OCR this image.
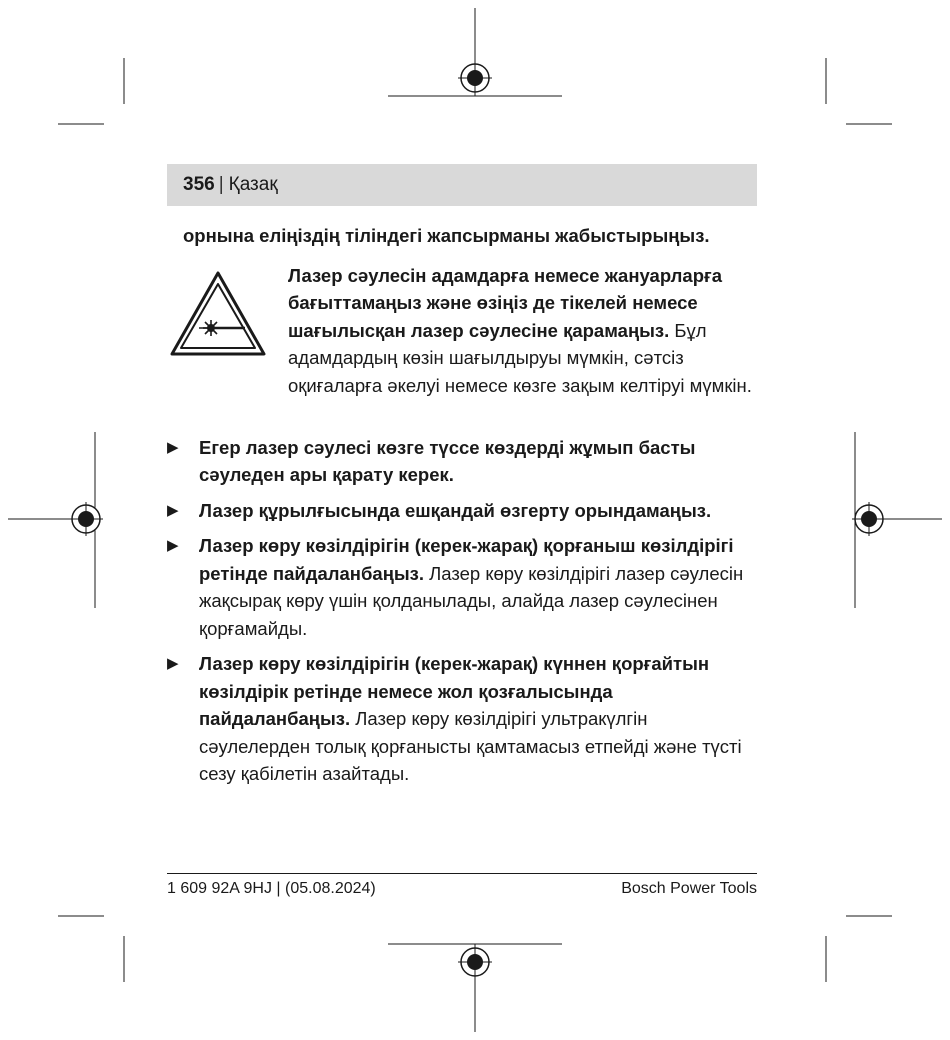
356 | Қазақ

орнына еліңіздің тіліндегі жапсырманы жабыстырыңыз.

Лазер сәулесін адамдарға немесе жануарларға бағыттамаңыз және өзіңіз де тікелей немесе шағылысқан лазер сәулесіне қарамаңыз. Бұл адамдардың көзін шағылдыруы мүмкін, сәтсіз оқиғаларға әкелуі немесе көзге зақым келтіруі мүмкін.
▶ Егер лазер сәулесі көзге түссе көздерді жұмып басты сәуледен ары қарату керек.
▶ Лазер құрылғысында ешқандай өзгерту орындамаңыз.
▶ Лазер көру көзілдірігін (керек-жарақ) қорғаныш көзілдірігі ретінде пайдаланбаңыз. Лазер көру көзілдірігі лазер сәулесін жақсырақ көру үшін қолданылады, алайда лазер сәулесінен қорғамайды.
▶ Лазер көру көзілдірігін (керек-жарақ) күннен қорғайтын көзілдірік ретінде немесе жол қозғалысында пайдаланбаңыз. Лазер көру көзілдірігі ультракүлгін сәулелерден толық қорғанысты қамтамасыз етпейді және түсті сезу қабілетін азайтады.
1 609 92A 9HJ | (05.08.2024)	Bosch Power Tools
